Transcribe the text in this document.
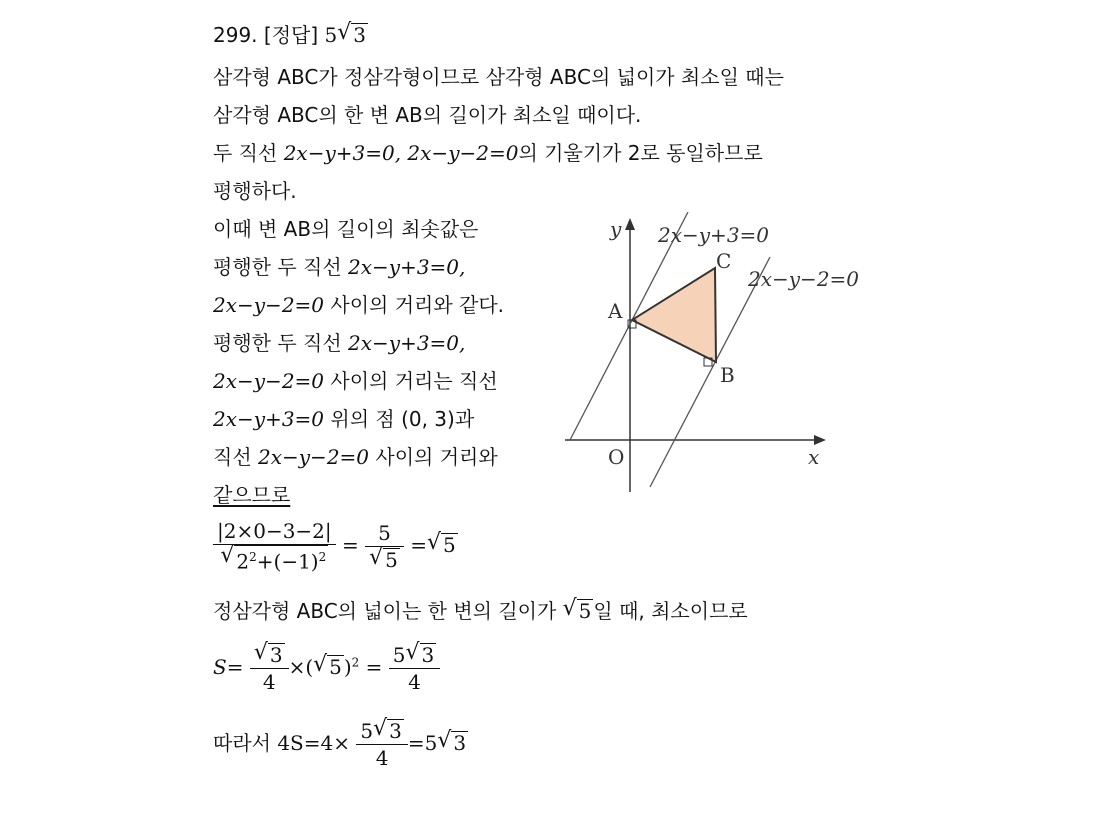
299. [정답] 5 √ 3
삼각형 ABC가 정삼각형이므로 삼각형 ABC의 넓이가 최소일 때는
삼각형 ABC의 한 변 AB의 길이가 최소일 때이다.
두 직선 2x−y+3=0, 2x−y−2=0의 기울기가 2로 동일하므로
평행하다.
이때 변 AB의 길이의 최솟값은
평행한 두 직선 2x−y+3=0,
2x−y−2=0 사이의 거리와 같다.
평행한 두 직선 2x−y+3=0,
2x−y−2=0 사이의 거리는 직선
2x−y+3=0 위의 점 (0, 3)과
직선 2x−y−2=0 사이의 거리와
같으므로
$\frac{|2\times 0-3-2|}{√ 2^2+(-1)^2} = \frac{5}{√ 5}$ = √ 5
정삼각형 ABC의 넓이는 한 변의 길이가 √ 5 일 때, 최소이므로
$S= \frac{√ 3}{4}$ ×( √ 5 )$^2 = \frac{5 √ 3}{4}$
따라서 $4S=4\times \frac{5 √ 3}{4} =5$ √ 3
y
x
O
A
B
C
2x−y+3=0
2x−y−2=0
